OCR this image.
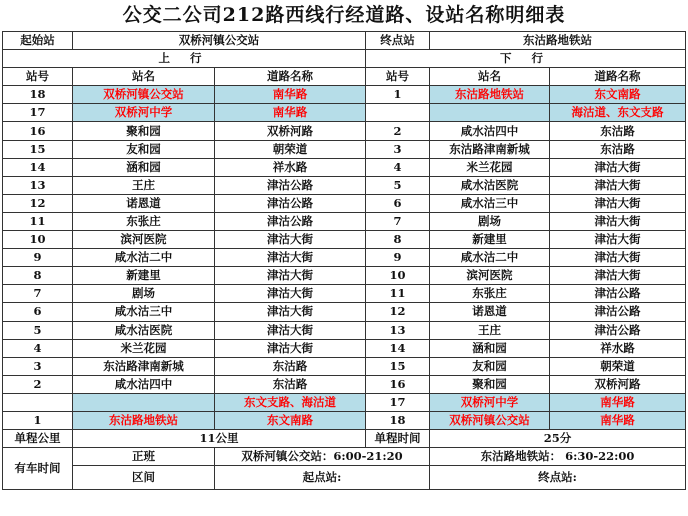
公交二公司212路西线行经道路、设站名称明细表
起始站	双桥河镇公交站		终点站	东沽路地铁站	
上 行			下 行		
站号	站名	道路名称	站号	站名	道路名称
18	双桥河镇公交站	南华路	1	东沽路地铁站	东文南路
17	双桥河中学	南华路			海沽道、东文支路
16	聚和园	双桥河路	2	咸水沽四中	东沽路
15	友和园	朝荣道	3	东沽路津南新城	东沽路
14	涵和园	祥水路	4	米兰花园	津沽大街
13	王庄	津沽公路	5	咸水沽医院	津沽大街
12	诺恩道	津沽公路	6	咸水沽三中	津沽大街
11	东张庄	津沽公路	7	剧场	津沽大街
10	滨河医院	津沽大街	8	新建里	津沽大街
9	咸水沽二中	津沽大街	9	咸水沽二中	津沽大街
8	新建里	津沽大街	10	滨河医院	津沽大街
7	剧场	津沽大街	11	东张庄	津沽公路
6	咸水沽三中	津沽大街	12	诺恩道	津沽公路
5	咸水沽医院	津沽大街	13	王庄	津沽公路
4	米兰花园	津沽大街	14	涵和园	祥水路
3	东沽路津南新城	东沽路	15	友和园	朝荣道
2	咸水沽四中	东沽路	16	聚和园	双桥河路
		东文支路、海沽道	17	双桥河中学	南华路
1	东沽路地铁站	东文南路	18	双桥河镇公交站	南华路
单程公里	11公里		单程时间	25分	
有车时间	正班	双桥河镇公交站：6:00-21:20		东沽路地铁站： 6:30-22:00	
	区间	起点站:		终点站:	
